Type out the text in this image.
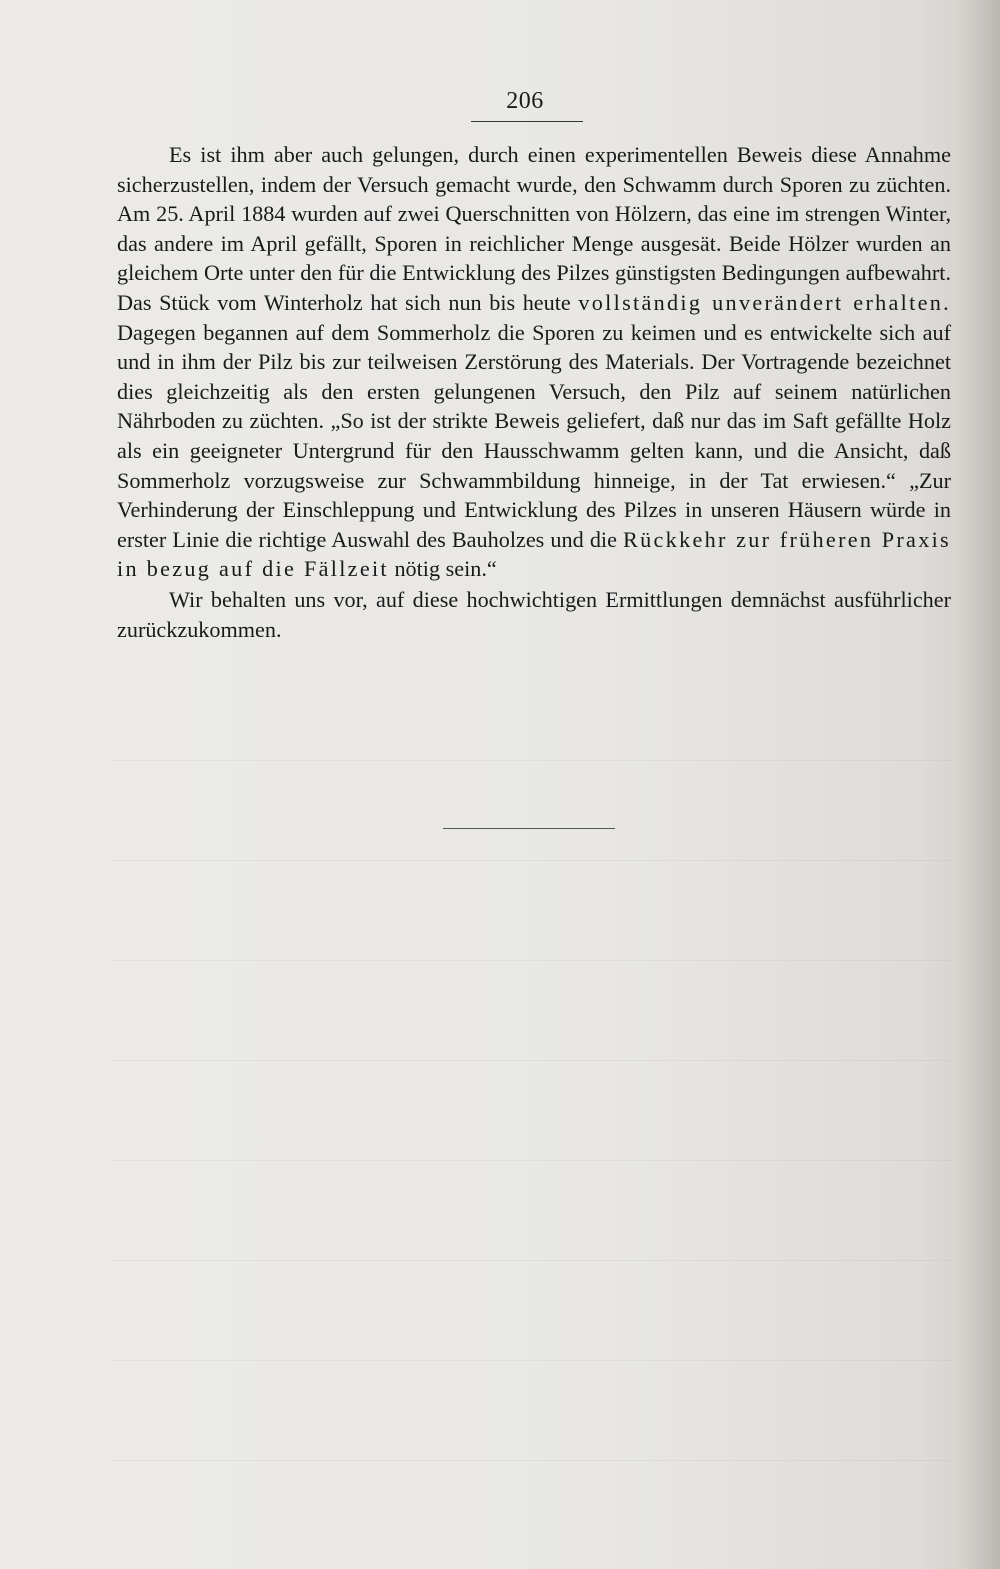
206

Es ist ihm aber auch gelungen, durch einen experimentellen Beweis diese Annahme sicherzustellen, indem der Versuch gemacht wurde, den Schwamm durch Sporen zu züchten. Am 25. April 1884 wurden auf zwei Querschnitten von Hölzern, das eine im strengen Winter, das andere im April gefällt, Sporen in reichlicher Menge ausgesät. Beide Hölzer wurden an gleichem Orte unter den für die Entwicklung des Pilzes günstigsten Bedingungen aufbewahrt. Das Stück vom Winterholz hat sich nun bis heute vollständig unverändert erhalten. Dagegen begannen auf dem Sommerholz die Sporen zu keimen und es entwickelte sich auf und in ihm der Pilz bis zur teilweisen Zerstörung des Materials. Der Vortragende bezeichnet dies gleichzeitig als den ersten gelungenen Versuch, den Pilz auf seinem natürlichen Nährboden zu züchten. „So ist der strikte Beweis geliefert, daß nur das im Saft gefällte Holz als ein geeigneter Untergrund für den Hausschwamm gelten kann, und die Ansicht, daß Sommerholz vorzugsweise zur Schwammbildung hinneige, in der Tat erwiesen.“ „Zur Verhinderung der Einschleppung und Entwicklung des Pilzes in unseren Häusern würde in erster Linie die richtige Auswahl des Bauholzes und die Rückkehr zur früheren Praxis in bezug auf die Fällzeit nötig sein.“

Wir behalten uns vor, auf diese hochwichtigen Ermittlungen demnächst ausführlicher zurückzukommen.
